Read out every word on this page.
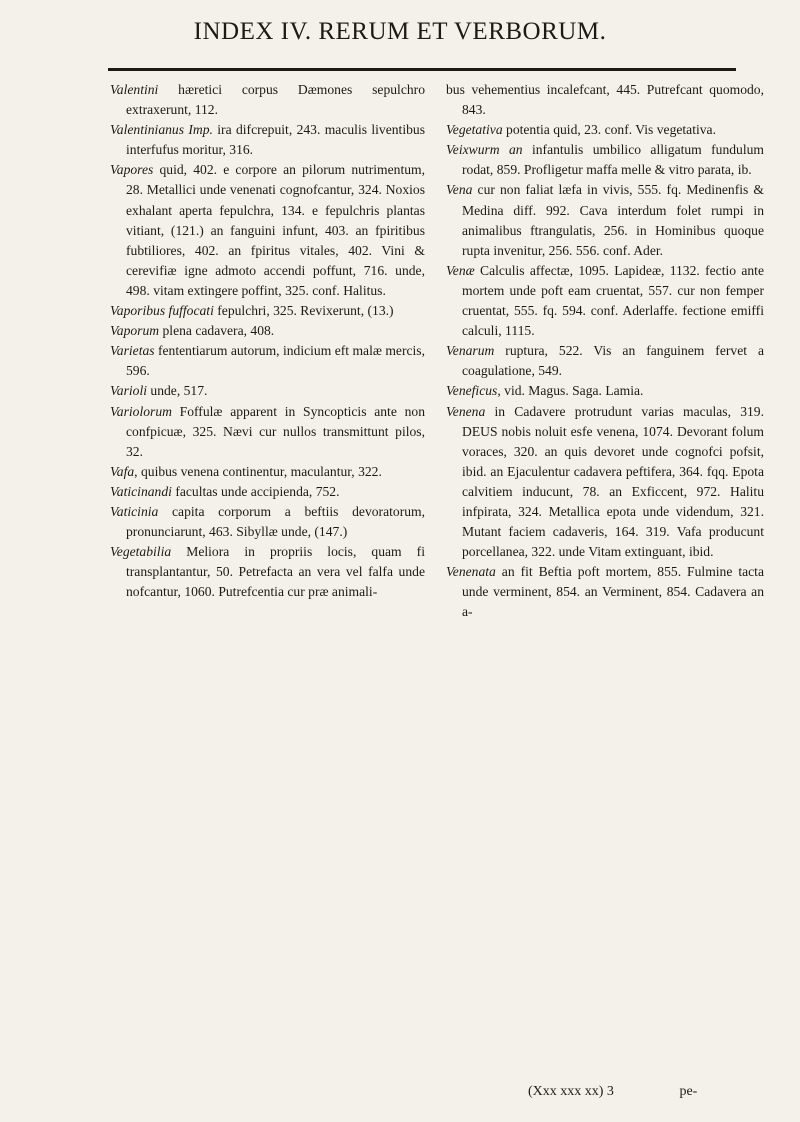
INDEX IV. RERUM ET VERBORUM.

Valentini hæretici corpus Dæmones sepulchro extraxerunt, 112.

Valentinianus Imp. ira difcrepuit, 243. maculis liventibus interfufus moritur, 316.

Vapores quid, 402. e corpore an pilorum nutrimentum, 28. Metallici unde venenati cognofcantur, 324. Noxios exhalant aperta fepulchra, 134. e fepulchris plantas vitiant, (121.) an fanguini infunt, 403. an fpiritibus fubtiliores, 402. an fpiritus vitales, 402. Vini & cerevifiæ igne admoto accendi poffunt, 716. unde, 498. vitam extingere poffint, 325. conf. Halitus.

Vaporibus fuffocati fepulchri, 325. Revixerunt, (13.)

Vaporum plena cadavera, 408.

Varietas fententiarum autorum, indicium eft malæ mercis, 596.

Varioli unde, 517.

Variolorum Foffulæ apparent in Syncopticis ante non confpicuæ, 325. Nævi cur nullos transmittunt pilos, 32.

Vafa, quibus venena continentur, maculantur, 322.

Vaticinandi facultas unde accipienda, 752.

Vaticinia capita corporum a beftiis devoratorum, pronunciarunt, 463. Sibyllæ unde, (147.)

Vegetabilia Meliora in propriis locis, quam fi transplantantur, 50. Petrefacta an vera vel falfa unde nofcantur, 1060. Putrefcentia cur præ animali-

bus vehementius incalefcant, 445. Putrefcant quomodo, 843.

Vegetativa potentia quid, 23. conf. Vis vegetativa.

Veixwurm an infantulis umbilico alligatum fundulum rodat, 859. Profligetur maffa melle & vitro parata, ib.

Vena cur non faliat læfa in vivis, 555. fq. Medinenfis & Medina diff. 992. Cava interdum folet rumpi in animalibus ftrangulatis, 256. in Hominibus quoque rupta invenitur, 256. 556. conf. Ader.

Venæ Calculis affectæ, 1095. Lapideæ, 1132. fectio ante mortem unde poft eam cruentat, 557. cur non femper cruentat, 555. fq. 594. conf. Aderlaffe. fectione emiffi calculi, 1115.

Venarum ruptura, 522. Vis an fanguinem fervet a coagulatione, 549.

Veneficus, vid. Magus. Saga. Lamia.

Venena in Cadavere protrudunt varias maculas, 319. DEUS nobis noluit esfe venena, 1074. Devorant folum voraces, 320. an quis devoret unde cognofci pofsit, ibid. an Ejaculentur cadavera peftifera, 364. fqq. Epota calvitiem inducunt, 78. an Exficcent, 972. Halitu infpirata, 324. Metallica epota unde videndum, 321. Mutant faciem cadaveris, 164. 319. Vafa producunt porcellanea, 322. unde Vitam extinguant, ibid.

Venenata an fit Beftia poft mortem, 855. Fulmine tacta unde verminent, 854. an Verminent, 854. Cadavera an a-

(Xxx xxx xx) 3	pe-
